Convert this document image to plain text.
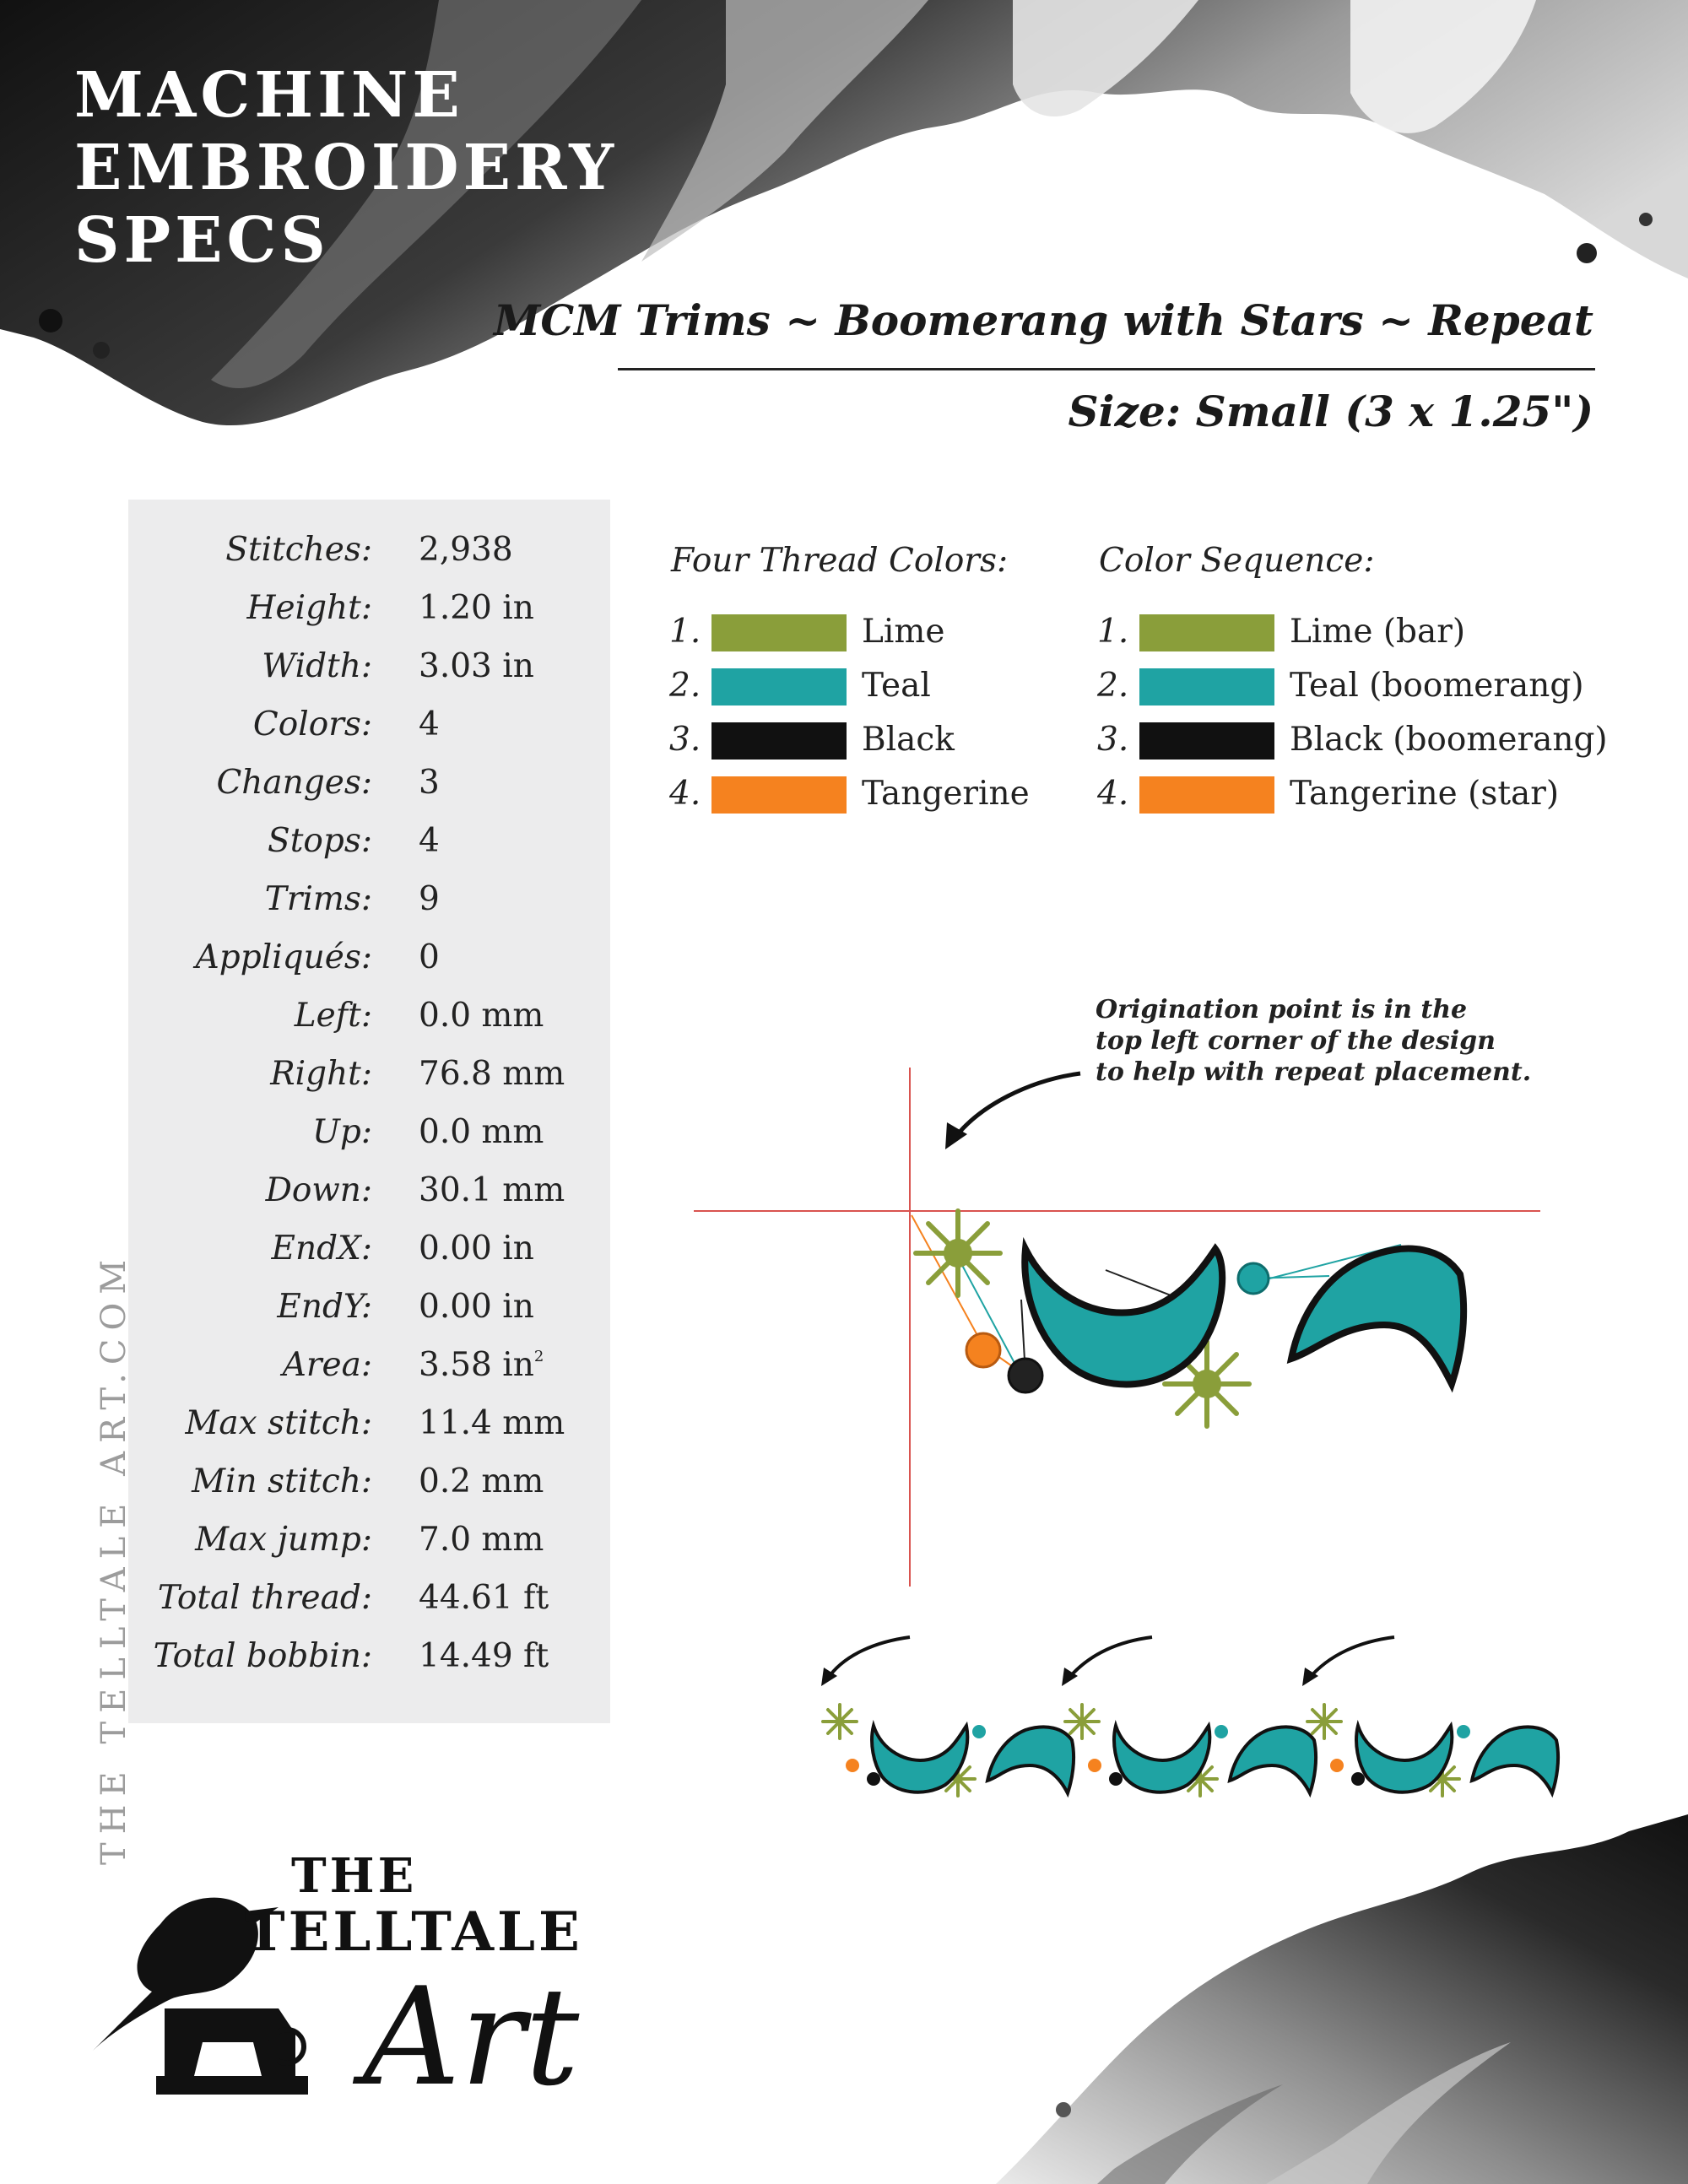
MACHINE
EMBROIDERY
SPECS
MCM Trims ~ Boomerang with Stars ~ Repeat
Size: Small (3 x 1.25")
Stitches: 2,938
Height: 1.20 in
Width: 3.03 in
Colors: 4
Changes: 3
Stops: 4
Trims: 9
Appliqués: 0
Left: 0.0 mm
Right: 76.8 mm
Up: 0.0 mm
Down: 30.1 mm
EndX: 0.00 in
EndY: 0.00 in
Area: 3.58 $in^2$
Max stitch: 11.4 mm
Min stitch: 0.2 mm
Max jump: 7.0 mm
Total thread: 44.61 ft
Total bobbin: 14.49 ft
Four Thread Colors:
1.	Lime
2.	Teal
3.	Black
4.	Tangerine
Color Sequence:
1.	Lime (bar)
2.	Teal (boomerang)
3.	Black (boomerang)
4.	Tangerine (star)
Origination point is in the
top left corner of the design
to help with repeat placement.
THE TELLTALE ART.COM
THE
TELLTALE
Art
